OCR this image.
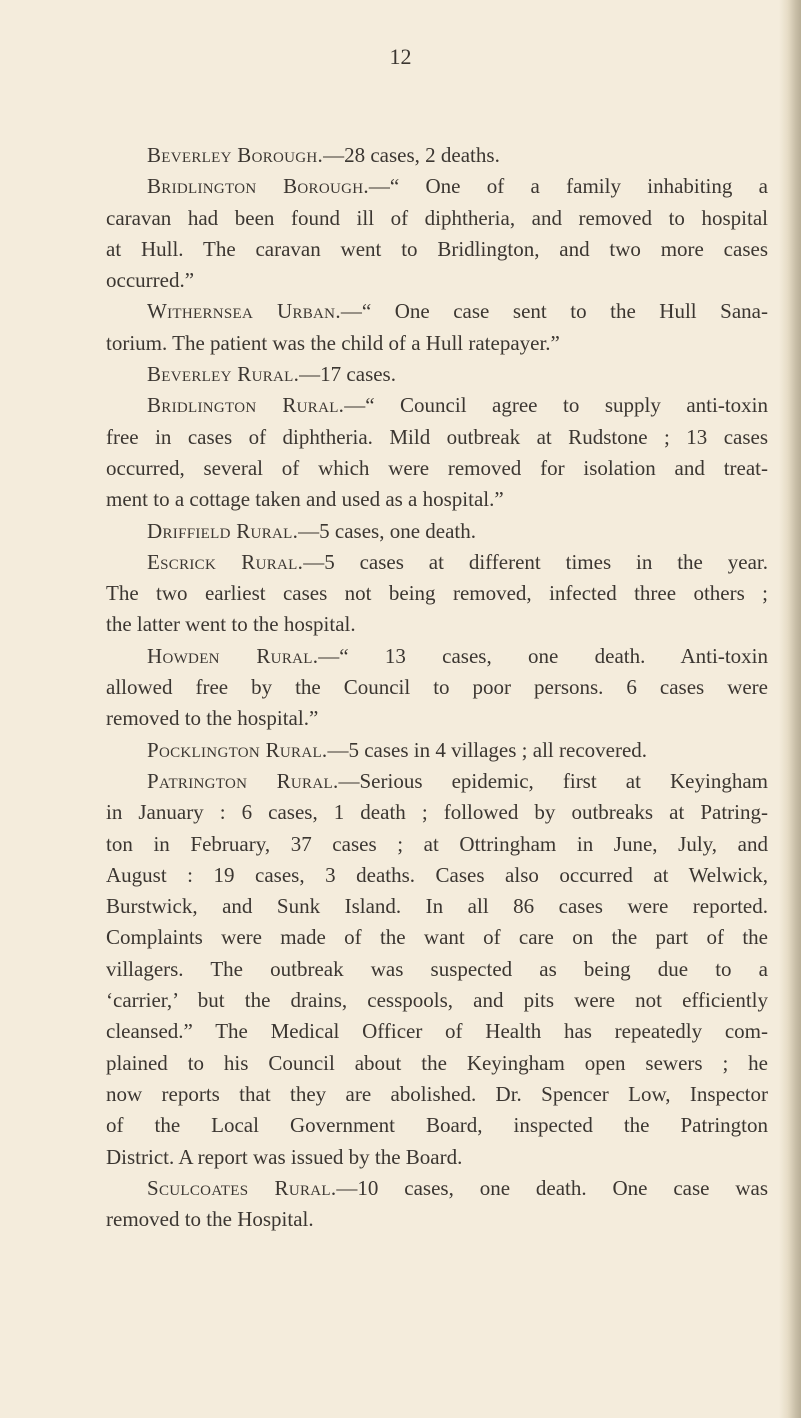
12
Beverley Borough.—28 cases, 2 deaths.
Bridlington Borough.—“ One of a family inhabiting a
caravan had been found ill of diphtheria, and removed to hospital
at Hull. The caravan went to Bridlington, and two more cases
occurred.”
Withernsea Urban.—“ One case sent to the Hull Sana-
torium. The patient was the child of a Hull ratepayer.”
Beverley Rural.—17 cases.
Bridlington Rural.—“ Council agree to supply anti-toxin
free in cases of diphtheria. Mild outbreak at Rudstone ; 13 cases
occurred, several of which were removed for isolation and treat-
ment to a cottage taken and used as a hospital.”
Driffield Rural.—5 cases, one death.
Escrick Rural.—5 cases at different times in the year.
The two earliest cases not being removed, infected three others ;
the latter went to the hospital.
Howden Rural.—“ 13 cases, one death. Anti-toxin
allowed free by the Council to poor persons. 6 cases were
removed to the hospital.”
Pocklington Rural.—5 cases in 4 villages ; all recovered.
Patrington Rural.—Serious epidemic, first at Keyingham
in January : 6 cases, 1 death ; followed by outbreaks at Patring-
ton in February, 37 cases ; at Ottringham in June, July, and
August : 19 cases, 3 deaths. Cases also occurred at Welwick,
Burstwick, and Sunk Island. In all 86 cases were reported.
Complaints were made of the want of care on the part of the
villagers. The outbreak was suspected as being due to a
‘carrier,’ but the drains, cesspools, and pits were not efficiently
cleansed.” The Medical Officer of Health has repeatedly com-
plained to his Council about the Keyingham open sewers ; he
now reports that they are abolished. Dr. Spencer Low, Inspector
of the Local Government Board, inspected the Patrington
District. A report was issued by the Board.
Sculcoates Rural.—10 cases, one death. One case was
removed to the Hospital.
